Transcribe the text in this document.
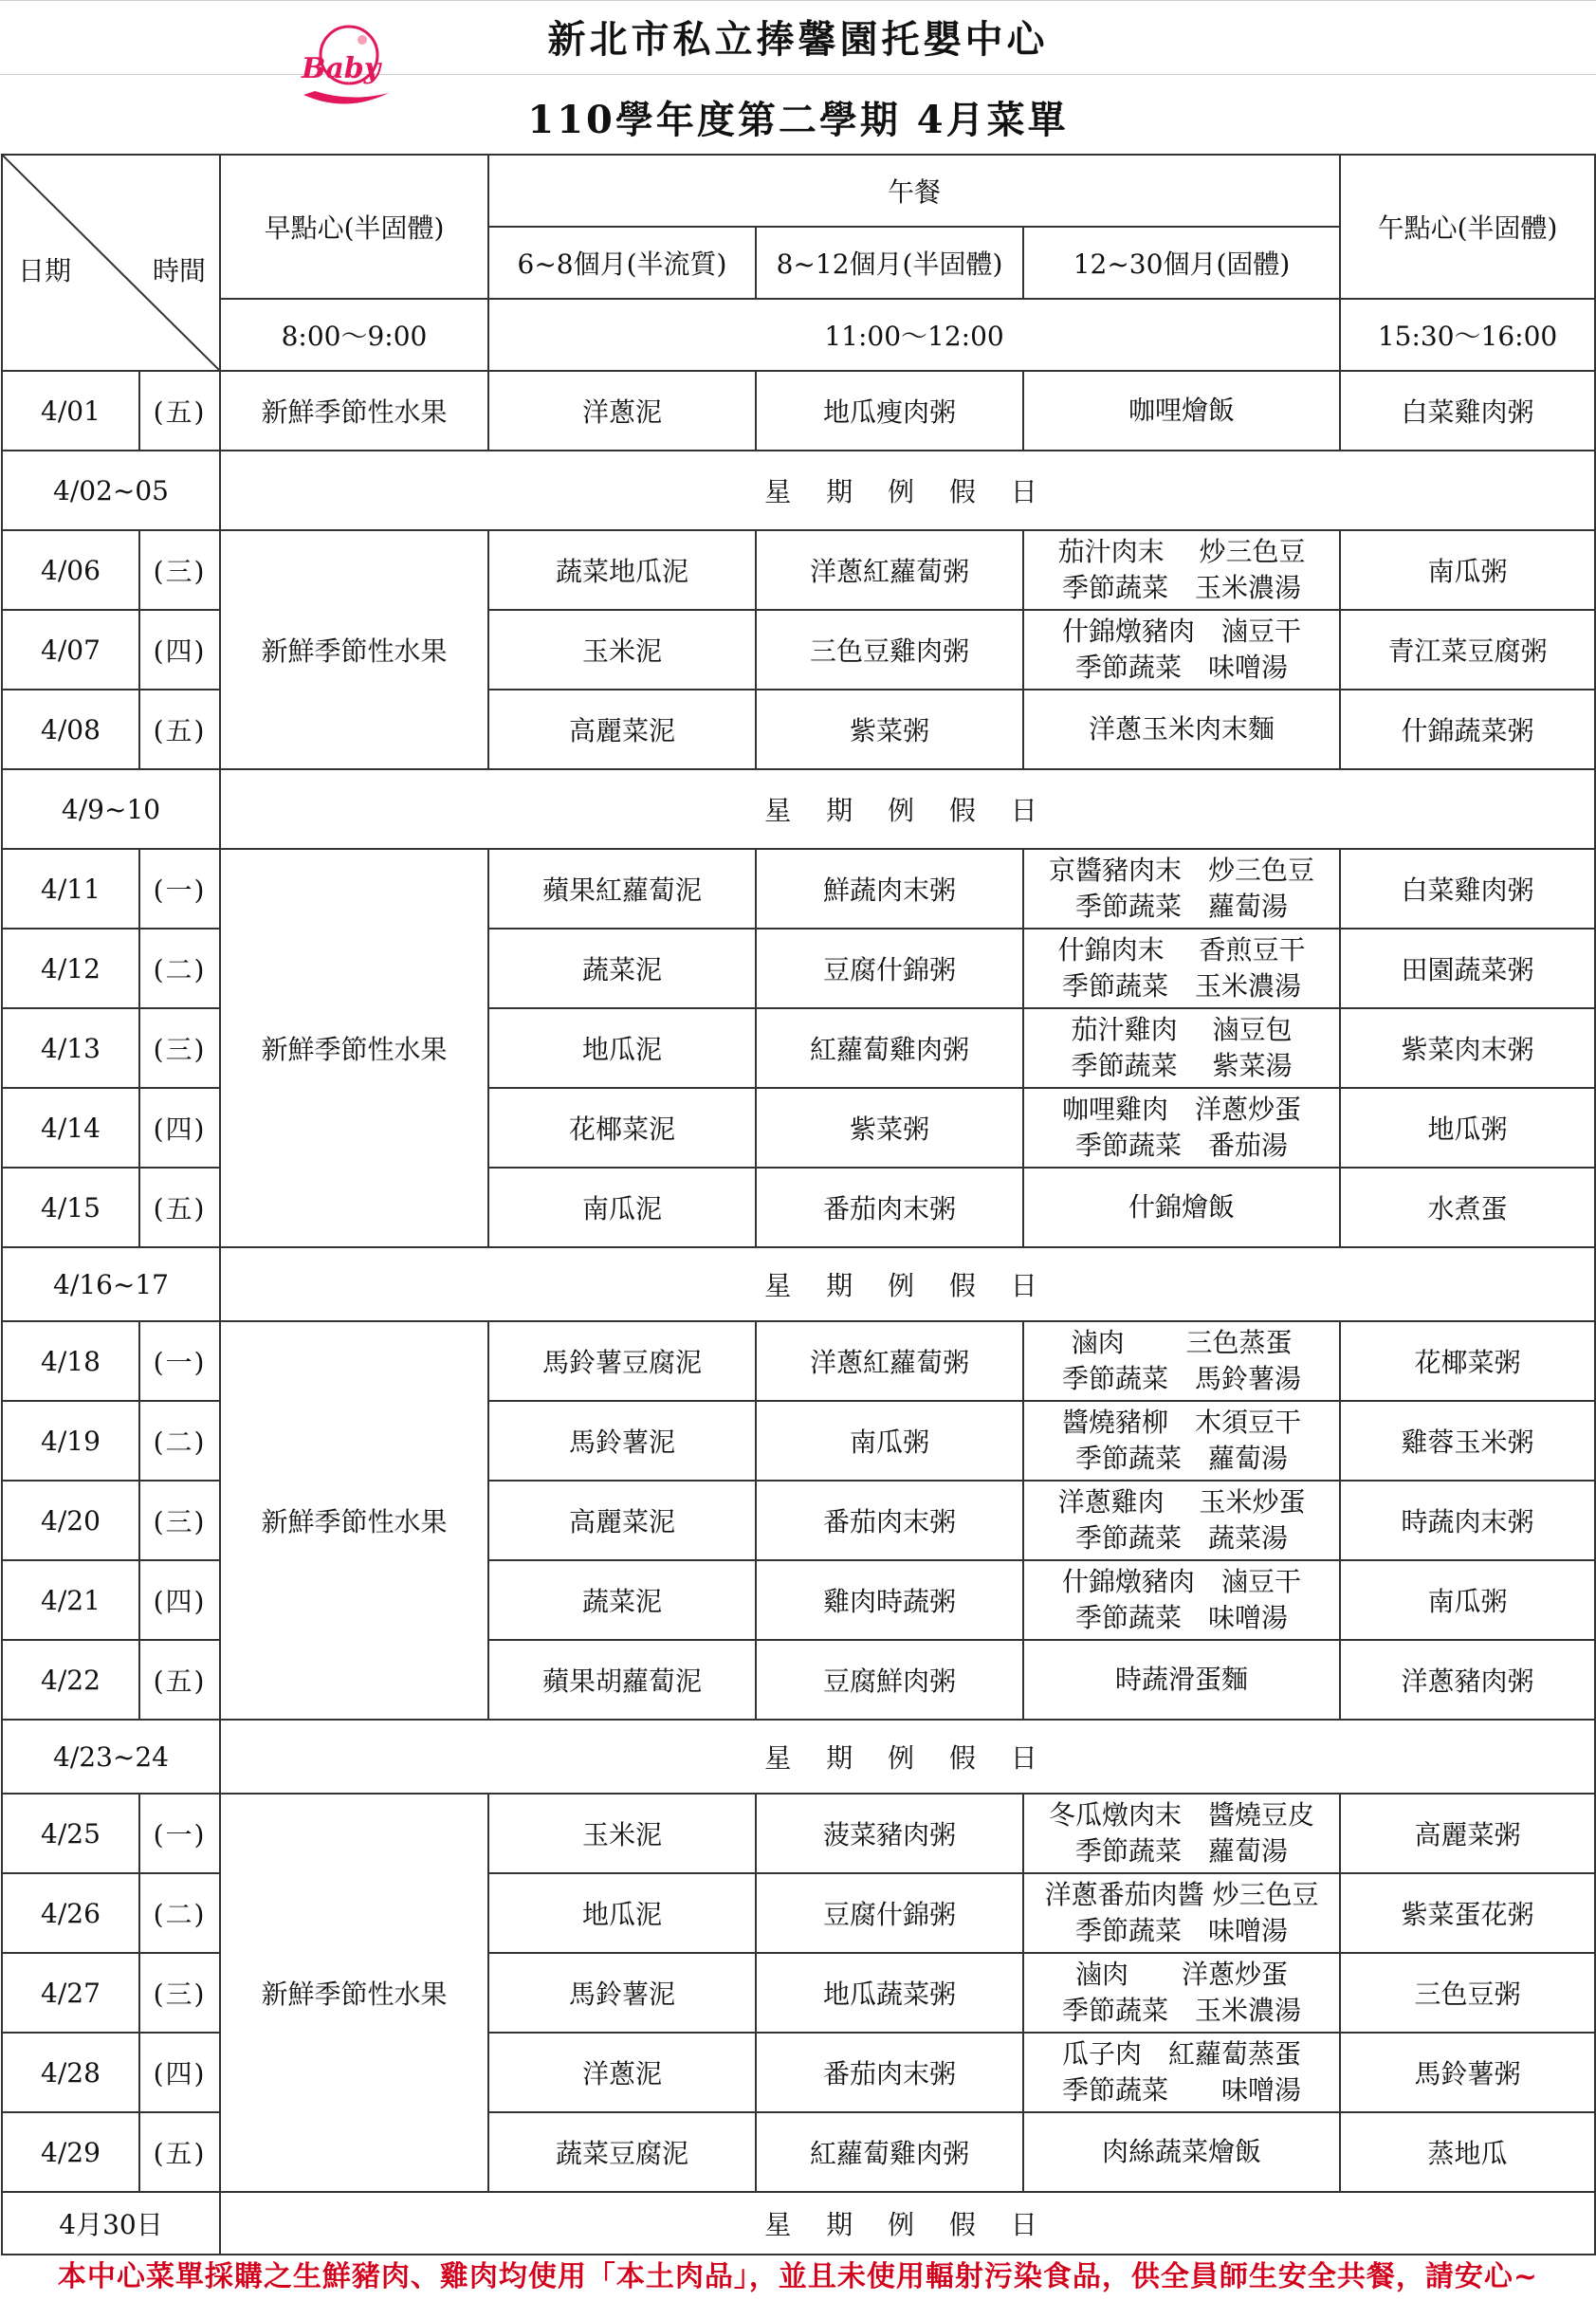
新北市私立捧馨園托嬰中心
110學年度第二學期 4月菜單
Baby
日期 時間		早點心(半固體)	午餐			午點心(半固體)
			6~8個月(半流質)	8~12個月(半固體)	12~30個月(固體)	
		8:00～9:00	11:00～12:00			15:30～16:00
4/01	(五)	新鮮季節性水果	洋蔥泥	地瓜瘦肉粥	咖哩燴飯	白菜雞肉粥
4/02~05		星 期 例 假 日				
4/06	(三)	新鮮季節性水果	蔬菜地瓜泥	洋蔥紅蘿蔔粥	茄汁肉末　 炒三色豆
季節蔬菜　玉米濃湯	南瓜粥
4/07	(四)		玉米泥	三色豆雞肉粥	什錦燉豬肉　滷豆干
季節蔬菜　味噌湯	青江菜豆腐粥
4/08	(五)		高麗菜泥	紫菜粥	洋蔥玉米肉末麵	什錦蔬菜粥
4/9~10		星 期 例 假 日				
4/11	(一)	新鮮季節性水果	蘋果紅蘿蔔泥	鮮蔬肉末粥	京醬豬肉末　炒三色豆
季節蔬菜　蘿蔔湯	白菜雞肉粥
4/12	(二)		蔬菜泥	豆腐什錦粥	什錦肉末　 香煎豆干
季節蔬菜　玉米濃湯	田園蔬菜粥
4/13	(三)		地瓜泥	紅蘿蔔雞肉粥	茄汁雞肉　 滷豆包
季節蔬菜　 紫菜湯	紫菜肉末粥
4/14	(四)		花椰菜泥	紫菜粥	咖哩雞肉　洋蔥炒蛋
季節蔬菜　番茄湯	地瓜粥
4/15	(五)		南瓜泥	番茄肉末粥	什錦燴飯	水煮蛋
4/16~17		星 期 例 假 日				
4/18	(一)	新鮮季節性水果	馬鈴薯豆腐泥	洋蔥紅蘿蔔粥	滷肉　　 三色蒸蛋
季節蔬菜　馬鈴薯湯	花椰菜粥
4/19	(二)		馬鈴薯泥	南瓜粥	醬燒豬柳　木須豆干
季節蔬菜　蘿蔔湯	雞蓉玉米粥
4/20	(三)		高麗菜泥	番茄肉末粥	洋蔥雞肉　 玉米炒蛋
季節蔬菜　蔬菜湯	時蔬肉末粥
4/21	(四)		蔬菜泥	雞肉時蔬粥	什錦燉豬肉　滷豆干
季節蔬菜　味噌湯	南瓜粥
4/22	(五)		蘋果胡蘿蔔泥	豆腐鮮肉粥	時蔬滑蛋麵	洋蔥豬肉粥
4/23~24		星 期 例 假 日				
4/25	(一)	新鮮季節性水果	玉米泥	菠菜豬肉粥	冬瓜燉肉末　醬燒豆皮
季節蔬菜　蘿蔔湯	高麗菜粥
4/26	(二)		地瓜泥	豆腐什錦粥	洋蔥番茄肉醬 炒三色豆
季節蔬菜　味噌湯	紫菜蛋花粥
4/27	(三)		馬鈴薯泥	地瓜蔬菜粥	滷肉　　洋蔥炒蛋
季節蔬菜　玉米濃湯	三色豆粥
4/28	(四)		洋蔥泥	番茄肉末粥	瓜子肉　紅蘿蔔蒸蛋
季節蔬菜　　味噌湯	馬鈴薯粥
4/29	(五)		蔬菜豆腐泥	紅蘿蔔雞肉粥	肉絲蔬菜燴飯	蒸地瓜
4月30日		星 期 例 假 日				
本中心菜單採購之生鮮豬肉、雞肉均使用「本土肉品」，並且未使用輻射污染食品，供全員師生安全共餐，請安心~
